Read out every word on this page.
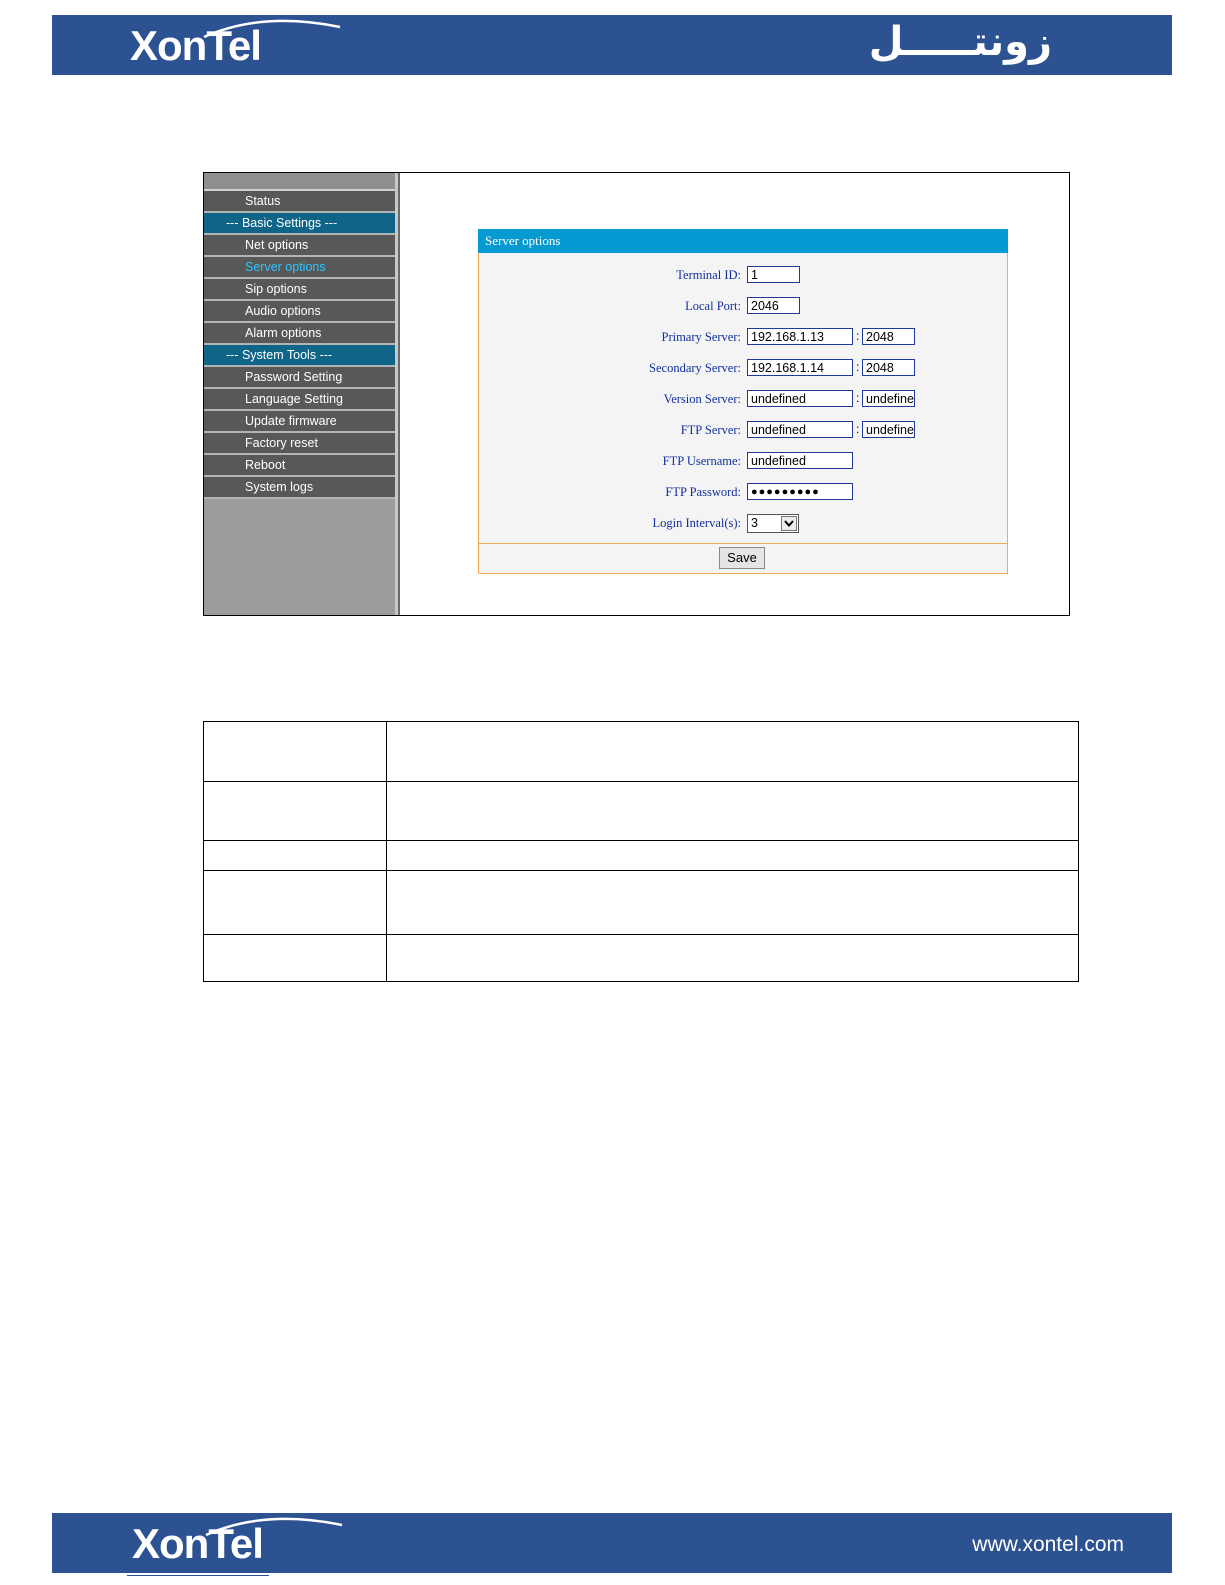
XonTel	زونتـــــل
Status
--- Basic Settings ---
Net options
Server options
Sip options
Audio options
Alarm options
--- System Tools ---
Password Setting
Language Setting
Update firmware
Factory reset
Reboot
System logs
Server options
Terminal ID: 1
Local Port: 2046
Primary Server: 192.168.1.13	: 2048
Secondary Server: 192.168.1.14	: 2048
Version Server: undefined	: undefine
FTP Server: undefined	: undefine
FTP Username: undefined
FTP Password: ●●●●●●●●●
Login Interval(s): 3
Save

XonTel	www.xontel.com
